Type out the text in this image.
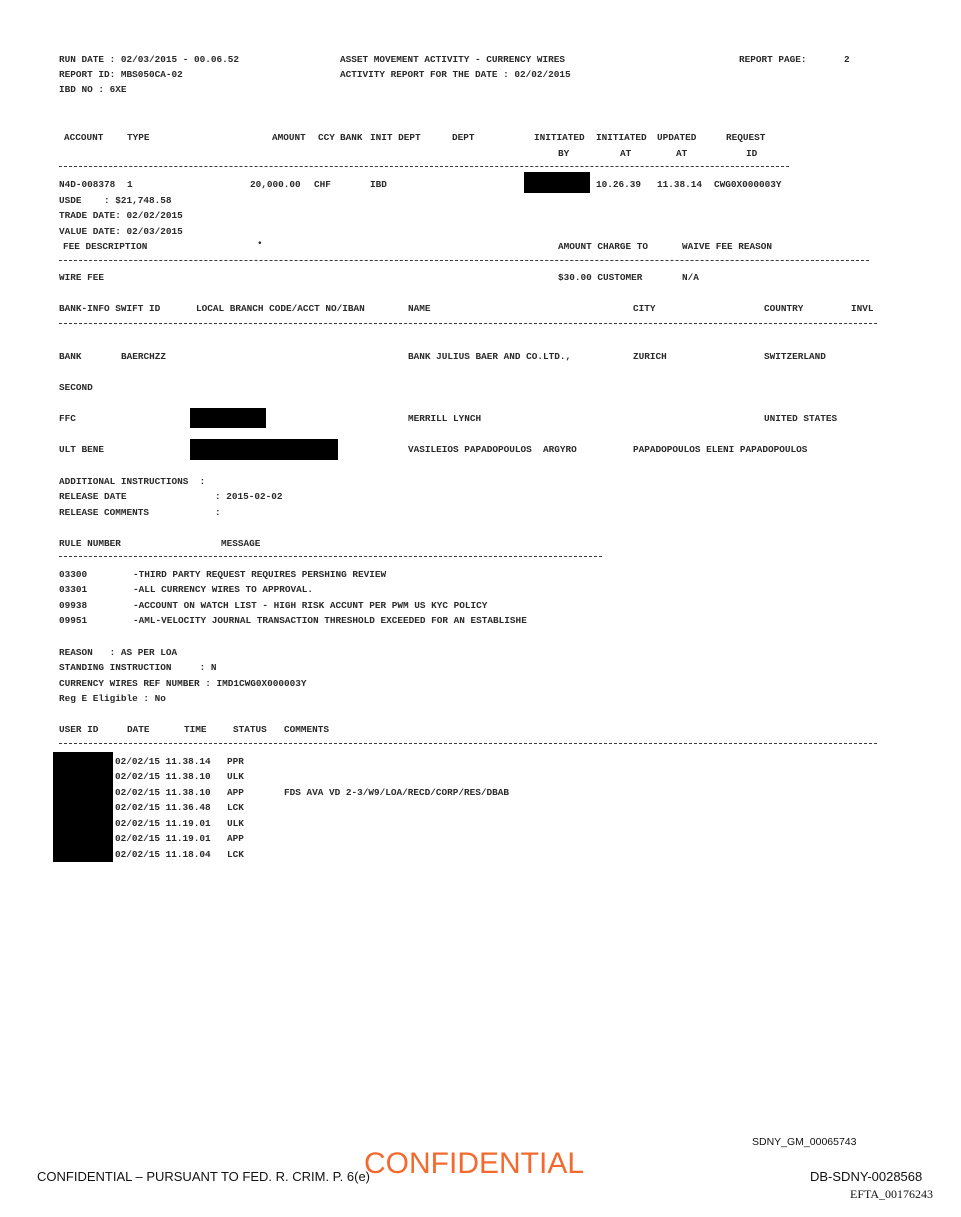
RUN DATE : 02/03/2015 - 00.06.52
REPORT ID: MBS050CA-02
IBD NO : 6XE
ASSET MOVEMENT ACTIVITY - CURRENCY WIRES
ACTIVITY REPORT FOR THE DATE : 02/02/2015
REPORT PAGE:	2
ACCOUNT	TYPE	AMOUNT CCY BANK INIT DEPT	DEPT	INITIATED INITIATED UPDATED	REQUEST
BY	AT	AT	ID
N4D-008378 1	20,000.00 CHF	IBD	10.26.39 11.38.14 CWG0X000003Y
USDE    : $21,748.58
TRADE DATE: 02/02/2015
VALUE DATE: 02/03/2015
FEE DESCRIPTION	•	AMOUNT CHARGE TO	WAIVE FEE REASON
WIRE FEE	$30.00 CUSTOMER	N/A
BANK-INFO SWIFT ID	LOCAL BRANCH CODE/ACCT NO/IBAN	NAME	CITY	COUNTRY	INVL
BANK	BAERCHZZ	BANK JULIUS BAER AND CO.LTD.,	ZURICH	SWITZERLAND
SECOND
FFC	MERRILL LYNCH	UNITED STATES
ULT BENE	VASILEIOS PAPADOPOULOS  ARGYRO	PAPADOPOULOS ELENI PAPADOPOULOS
ADDITIONAL INSTRUCTIONS  :
RELEASE DATE	: 2015-02-02
RELEASE COMMENTS	:
RULE NUMBER	MESSAGE
03300	-THIRD PARTY REQUEST REQUIRES PERSHING REVIEW
03301	-ALL CURRENCY WIRES TO APPROVAL.
09938	-ACCOUNT ON WATCH LIST - HIGH RISK ACCUNT PER PWM US KYC POLICY
09951	-AML-VELOCITY JOURNAL TRANSACTION THRESHOLD EXCEEDED FOR AN ESTABLISHE
REASON   : AS PER LOA
STANDING INSTRUCTION     : N
CURRENCY WIRES REF NUMBER : IMD1CWG0X000003Y
Reg E Eligible : No
USER ID	DATE	TIME	STATUS COMMENTS
02/02/15 11.38.14 PPR
02/02/15 11.38.10 ULK
02/02/15 11.38.10 APP	FDS AVA VD 2-3/W9/LOA/RECD/CORP/RES/DBAB
02/02/15 11.36.48 LCK
02/02/15 11.19.01 ULK
02/02/15 11.19.01 APP
02/02/15 11.18.04 LCK
SDNY_GM_00065743
CONFIDENTIAL – PURSUANT TO FED. R. CRIM. P. 6(e)
CONFIDENTIAL	DB-SDNY-0028568
EFTA_00176243
